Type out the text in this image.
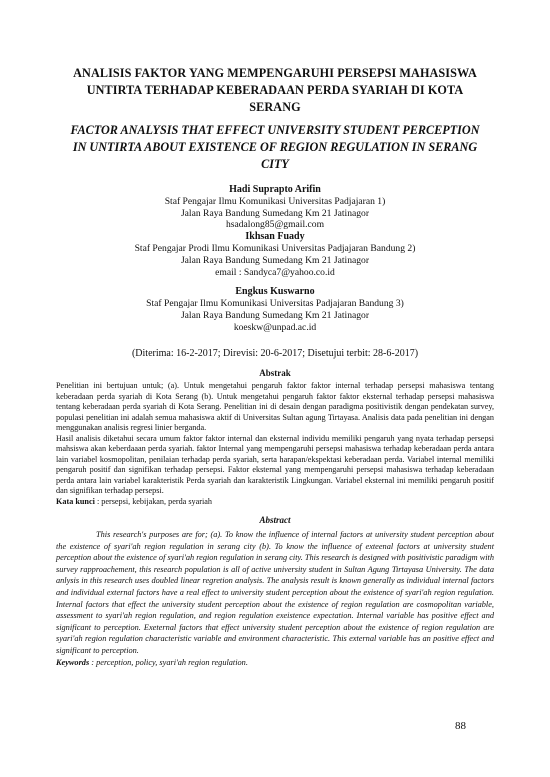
ANALISIS FAKTOR YANG MEMPENGARUHI PERSEPSI MAHASISWA UNTIRTA TERHADAP KEBERADAAN PERDA SYARIAH DI KOTA SERANG
FACTOR ANALYSIS THAT EFFECT UNIVERSITY STUDENT PERCEPTION IN UNTIRTA ABOUT EXISTENCE OF REGION REGULATION IN SERANG CITY
Hadi Suprapto Arifin
Staf Pengajar Ilmu Komunikasi Universitas Padjajaran 1)
Jalan Raya Bandung Sumedang Km 21 Jatinagor
hsadalong85@gmail.com
Ikhsan Fuady
Staf Pengajar Prodi Ilmu Komunikasi Universitas Padjajaran Bandung 2)
Jalan Raya Bandung Sumedang Km 21 Jatinagor
email : Sandyca7@yahoo.co.id
Engkus Kuswarno
Staf Pengajar Ilmu Komunikasi Universitas Padjajaran Bandung 3)
Jalan Raya Bandung Sumedang Km 21 Jatinagor
koeskw@unpad.ac.id
(Diterima: 16-2-2017; Direvisi: 20-6-2017; Disetujui terbit: 28-6-2017)
Abstrak

Penelitian ini bertujuan untuk; (a). Untuk mengetahui pengaruh faktor faktor internal terhadap persepsi mahasiswa tentang keberadaan perda syariah di Kota Serang (b). Untuk mengetahui pengaruh faktor faktor eksternal terhadap persepsi mahasiswa tentang keberadaan perda syariah di Kota Serang. Penelitian ini di desain dengan paradigma positivistik dengan pendekatan survey, populasi penelitian ini adalah semua mahasiswa aktif di Universitas Sultan agung Tirtayasa. Analisis data pada penelitian ini dengan menggunakan analisis regresi linier berganda.

Hasil analisis diketahui secara umum faktor faktor internal dan eksternal individu memiliki pengaruh yang nyata terhadap persepsi mahsiswa akan keberdaaan perda syariah. faktor Internal yang mempengaruhi persepsi mahasiswa terhadap keberadaan perda antara lain variabel kosmopolitan, penilaian terhadap perda syariah, serta harapan/ekspektasi keberadaan perda. Variabel internal memiliki pengaruh positif dan signifikan terhadap persepsi. Faktor eksternal yang mempengaruhi persepsi mahasiswa terhadap keberadaan perda antara lain variabel karakteristik Perda syariah dan karakteristik Lingkungan. Variabel eksternal ini memiliki pengaruh positif dan signifikan terhadap persepsi.

Kata kunci : persepsi, kebijakan, perda syariah

Abstract

This research's purposes are for; (a). To know the influence of internal factors at university student perception about the existence of syari'ah region regulation in serang city (b). To know the influence of exteenal factors at university student perception about the existence of syari'ah region regulation in serang city. This research is designed with positivistic paradigm with survey rapproachement, this research population is all of active university student in Sultan Agung Tirtayasa University. The data anlysis in this research uses doubled linear regretion analysis. The analysis result is known generally as individual internal factors and individual external factors have a real effect to university student perception about the existence of syari'ah region regulation. Internal factors that effect the university student perception about the existence of region regulation are cosmopolitan variable, assessment to syari'ah region regulation, and region regulation exeistence expectation. Internal variable has positive effect and significant to perception. Exeternal factors that effect university student perception about the existence of region regulation are syari'ah region regulation characteristic variable and environment characteristic. This external variable has an positive effect and significant to perception.

Keywords : perception, policy, syari'ah region regulation.

88
